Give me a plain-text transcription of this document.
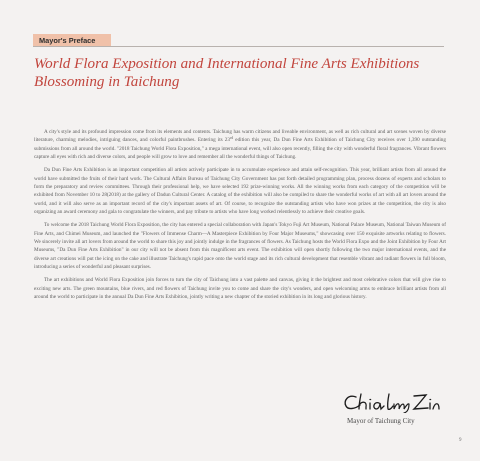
Mayor's Preface
World Flora Exposition and International Fine Arts Exhibitions Blossoming in Taichung

A city's style and its profound impression come from its elements and contents. Taichung has warm citizens and liveable environment, as well as rich cultural and art scenes woven by diverse literature, charming melodies, intriguing dances, and colorful paintbrushes. Entering its 23rd edition this year, Da Dun Fine Arts Exhibition of Taichung City receives over 1,390 outstanding submissions from all around the world. "2018 Taichung World Flora Exposition," a mega international event, will also open recently, filling the city with wonderful floral fragrances. Vibrant flowers capture all eyes with rich and diverse colors, and people will grow to love and remember all the wonderful things of Taichung.

Da Dun Fine Arts Exhibition is an important competition all artists actively participate in to accumulate experience and attain self-recognition. This year, brilliant artists from all around the world have submitted the fruits of their hard work. The Cultural Affairs Bureau of Taichung City Government has put forth detailed programming plan, process dozens of experts and scholars to form the preparatory and review committees. Through their professional help, we have selected 192 prize-winning works. All the winning works from each category of the competition will be exhibited from November 10 to 28(2018) at the gallery of Dadun Cultural Center. A catalog of the exhibition will also be compiled to share the wonderful works of art with all art lovers around the world, and it will also serve as an important record of the city's important assets of art. Of course, to recognize the outstanding artists who have won prizes at the competition, the city is also organizing an award ceremony and gala to congratulate the winners, and pay tribute to artists who have long worked relentlessly to achieve their creative goals.

To welcome the 2018 Taichung World Flora Exposition, the city has entered a special collaboration with Japan's Tokyo Fuji Art Museum, National Palace Museum, National Taiwan Museum of Fine Arts, and Chimei Museum, and launched the "Flowers of Immense Charm—A Masterpiece Exhibition by Four Major Museums," showcasing over 150 exquisite artworks relating to flowers. We sincerely invite all art lovers from around the world to share this joy and jointly indulge in the fragrances of flowers. As Taichung hosts the World Flora Expo and the Joint Exhibition by Four Art Museums, "Da Dun Fine Arts Exhibition" in our city will not be absent from this magnificent arts event. The exhibition will open shortly following the two major international events, and the diverse art creations will put the icing on the cake and illustrate Taichung's rapid pace onto the world stage and its rich cultural development that resemble vibrant and radiant flowers in full bloom, introducing a series of wonderful and pleasant surprises.

The art exhibitions and World Flora Exposition join forces to turn the city of Taichung into a vast palette and canvas, giving it the brightest and most celebrative colors that will give rise to exciting new arts. The green mountains, blue rivers, and red flowers of Taichung invite you to come and share the city's wonders, and open welcoming arms to embrace brilliant artists from all around the world to participate in the annual Da Dun Fine Arts Exhibition, jointly writing a new chapter of the storied exhibition in its long and glorious history.

Mayor of Taichung City
9
